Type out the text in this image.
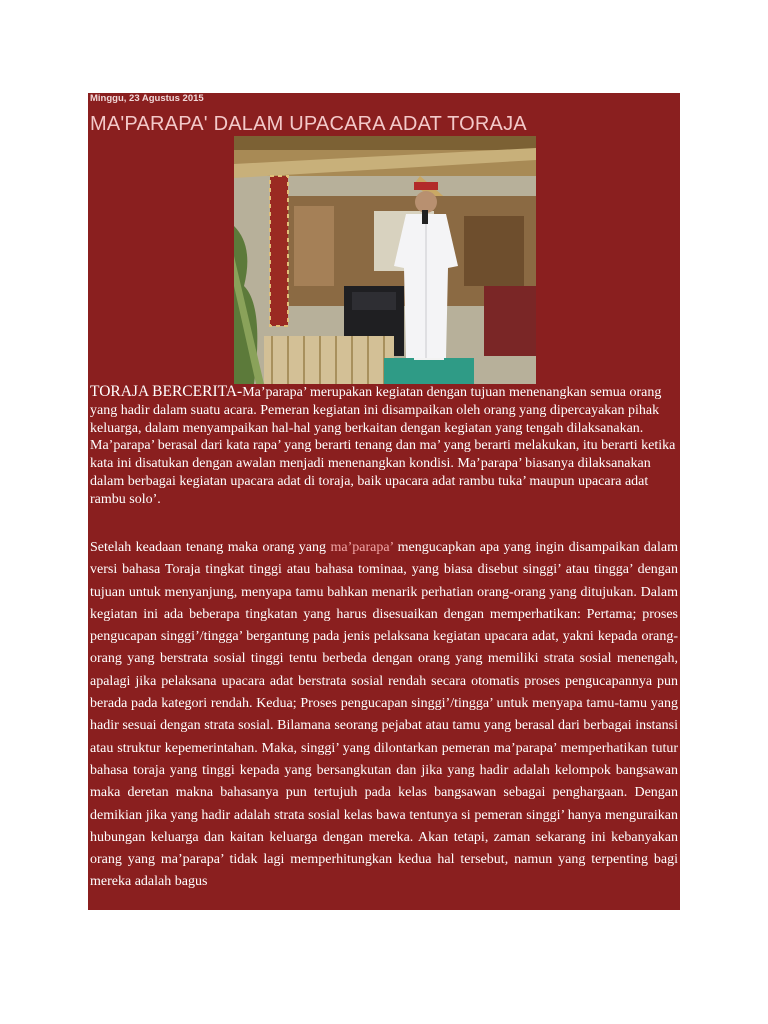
Minggu, 23 Agustus 2015
MA'PARAPA' DALAM UPACARA ADAT TORAJA
TORAJA BERCERITA-Ma’parapa’ merupakan kegiatan dengan tujuan menenangkan semua orang yang hadir dalam suatu acara. Pemeran kegiatan ini disampaikan oleh orang yang dipercayakan pihak keluarga, dalam menyampaikan hal-hal yang berkaitan dengan kegiatan yang tengah dilaksanakan. Ma’parapa’ berasal dari kata rapa’ yang berarti tenang dan ma’ yang berarti melakukan, itu berarti ketika kata ini disatukan dengan awalan menjadi menenangkan kondisi. Ma’parapa’ biasanya dilaksanakan dalam berbagai kegiatan upacara adat di toraja, baik upacara adat rambu tuka’ maupun upacara adat rambu solo’.
Setelah keadaan tenang maka orang yang ma’parapa’ mengucapkan apa yang ingin disampaikan dalam versi bahasa Toraja tingkat tinggi atau bahasa tominaa, yang biasa disebut singgi’ atau tingga’ dengan tujuan untuk menyanjung, menyapa tamu bahkan menarik perhatian orang-orang yang ditujukan. Dalam kegiatan ini ada beberapa tingkatan yang harus disesuaikan dengan memperhatikan: Pertama; proses pengucapan singgi’/tingga’ bergantung pada jenis pelaksana kegiatan upacara adat, yakni kepada orang-orang yang berstrata sosial tinggi tentu berbeda dengan orang yang memiliki strata sosial menengah, apalagi jika pelaksana upacara adat berstrata sosial rendah secara otomatis proses pengucapannya pun berada pada kategori rendah. Kedua; Proses pengucapan singgi’/tingga’ untuk menyapa tamu-tamu yang hadir sesuai dengan strata sosial. Bilamana seorang pejabat atau tamu yang berasal dari berbagai instansi atau struktur kepemerintahan. Maka, singgi’ yang dilontarkan pemeran ma’parapa’ memperhatikan tutur bahasa toraja yang tinggi kepada yang bersangkutan dan jika yang hadir adalah kelompok bangsawan maka deretan makna bahasanya pun tertujuh pada kelas bangsawan sebagai penghargaan. Dengan demikian jika yang hadir adalah strata sosial kelas bawa tentunya si pemeran singgi’ hanya menguraikan hubungan keluarga dan kaitan keluarga dengan mereka. Akan tetapi, zaman sekarang ini kebanyakan orang yang ma’parapa’ tidak lagi memperhitungkan kedua hal tersebut, namun yang terpenting bagi mereka adalah bagus
